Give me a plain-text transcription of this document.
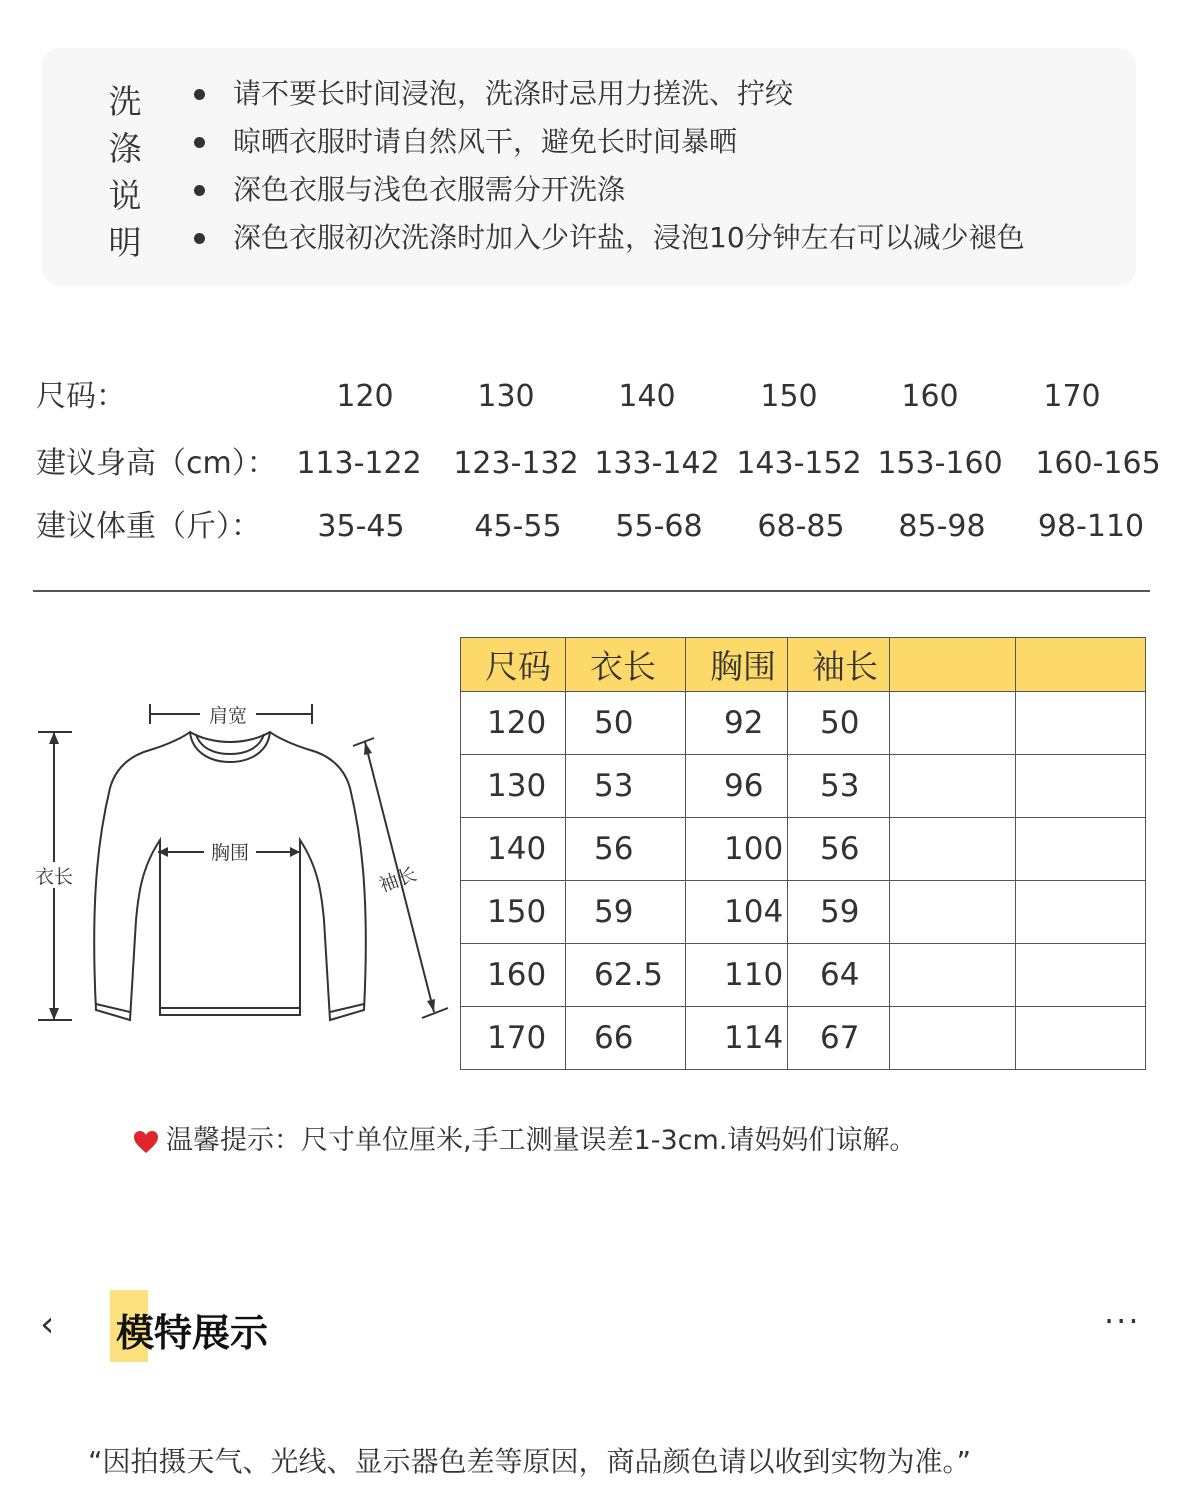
洗
涤
说
明
请不要长时间浸泡，洗涤时忌用力搓洗、拧绞
晾晒衣服时请自然风干，避免长时间暴晒
深色衣服与浅色衣服需分开洗涤
深色衣服初次洗涤时加入少许盐，浸泡10分钟左右可以减少褪色
尺码：	120	130	140	150	160	170
建议身高（cm）： 113-122	123-132 133-142 143-152 153-160	160-165
建议体重（斤）：	35-45	45-55	55-68	68-85	85-98	98-110
肩宽
胸围
衣长	袖长
尺码	衣长	胸围	袖长		
120	50	92	50		
130	53	96	53		
140	56	100	56		
150	59	104	59		
160	62.5	110	64		
170	66	114	67		
温馨提示：尺寸单位厘米,手工测量误差1-3cm.请妈妈们谅解。
‹ 模特展示	···
“因拍摄天气、光线、显示器色差等原因，商品颜色请以收到实物为准。”
